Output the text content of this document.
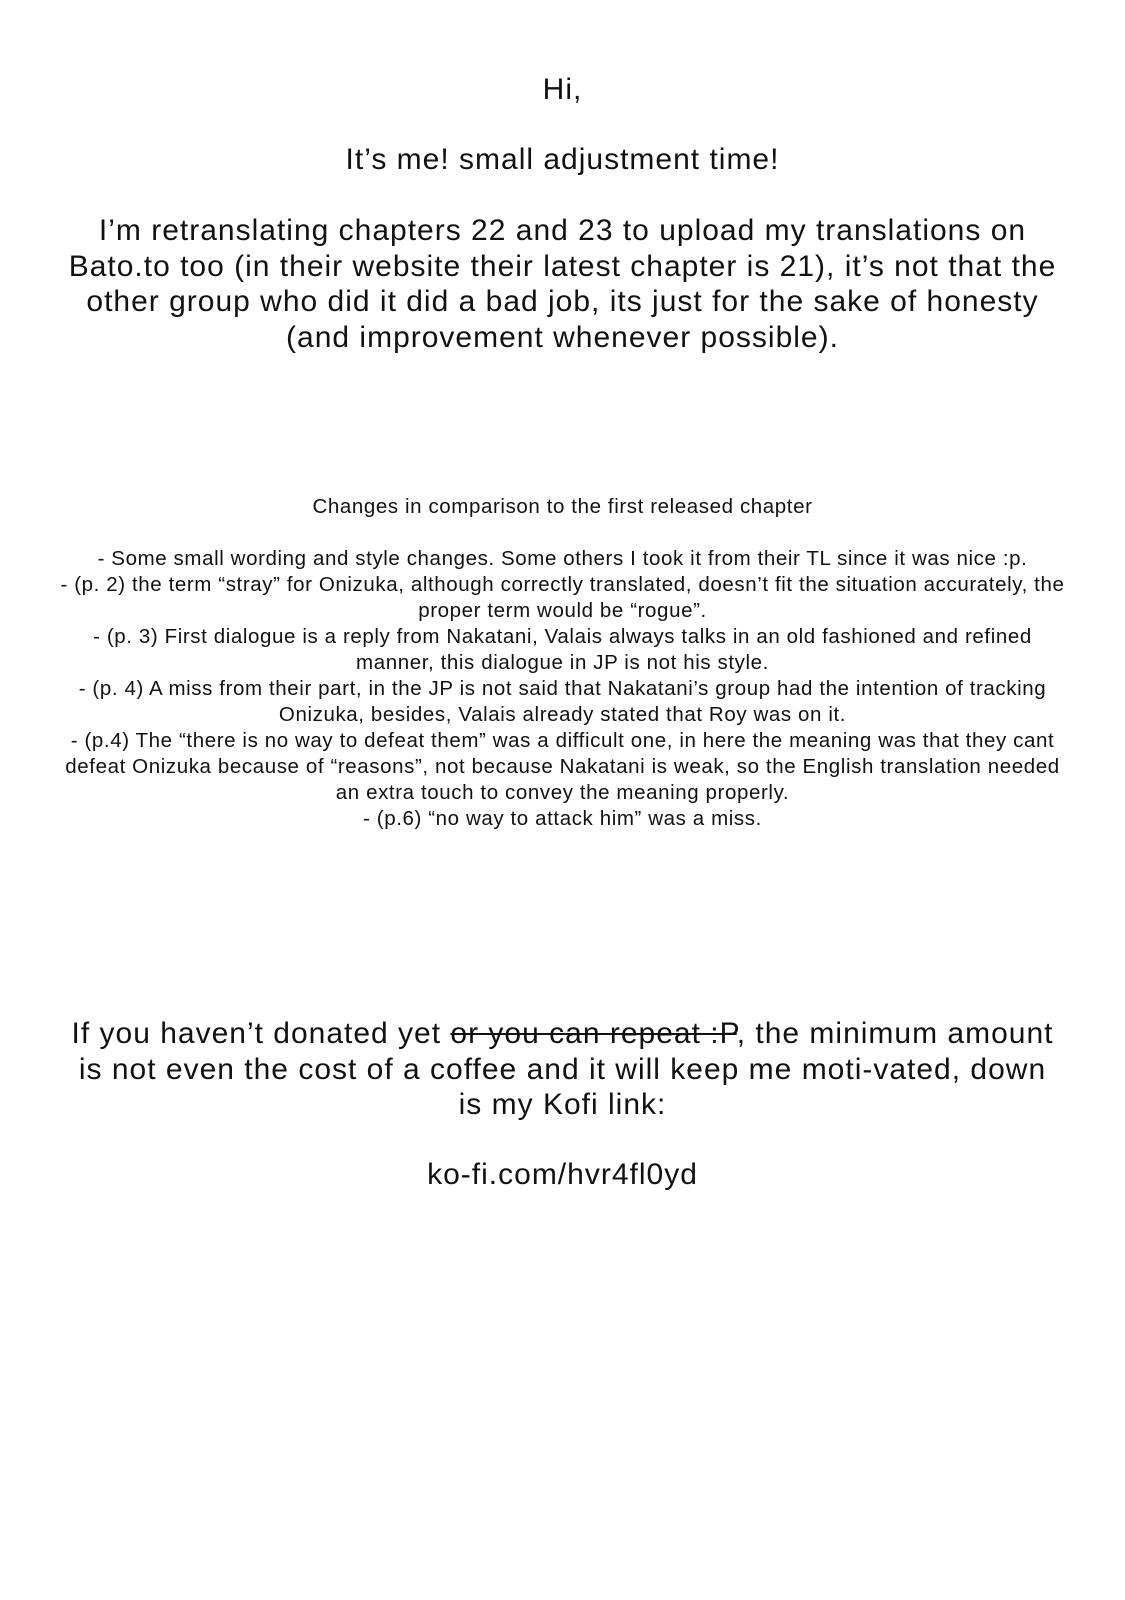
Hi,
It’s me! small adjustment time!
I’m retranslating chapters 22 and 23 to upload my translations on Bato.to too (in their website their latest chapter is 21), it’s not that the other group who did it did a bad job, its just for the sake of honesty (and improvement whenever possible).
Changes in comparison to the first released chapter
- Some small wording and style changes. Some others I took it from their TL since it was nice :p.
- (p. 2) the term “stray” for Onizuka, although correctly translated, doesn’t fit the situation accurately, the proper term would be “rogue”.
- (p. 3) First dialogue is a reply from Nakatani, Valais always talks in an old fashioned and refined manner, this dialogue in JP is not his style.
- (p. 4) A miss from their part, in the JP is not said that Nakatani’s group had the intention of tracking Onizuka, besides, Valais already stated that Roy was on it.
- (p.4) The “there is no way to defeat them” was a difficult one, in here the meaning was that they cant defeat Onizuka because of “reasons”, not because Nakatani is weak, so the English translation needed an extra touch to convey the meaning properly.
- (p.6) “no way to attack him” was a miss.
If you haven’t donated yet or you can repeat :P, the minimum amount is not even the cost of a coffee and it will keep me moti-vated, down is my Kofi link:
ko-fi.com/hvr4fl0yd
